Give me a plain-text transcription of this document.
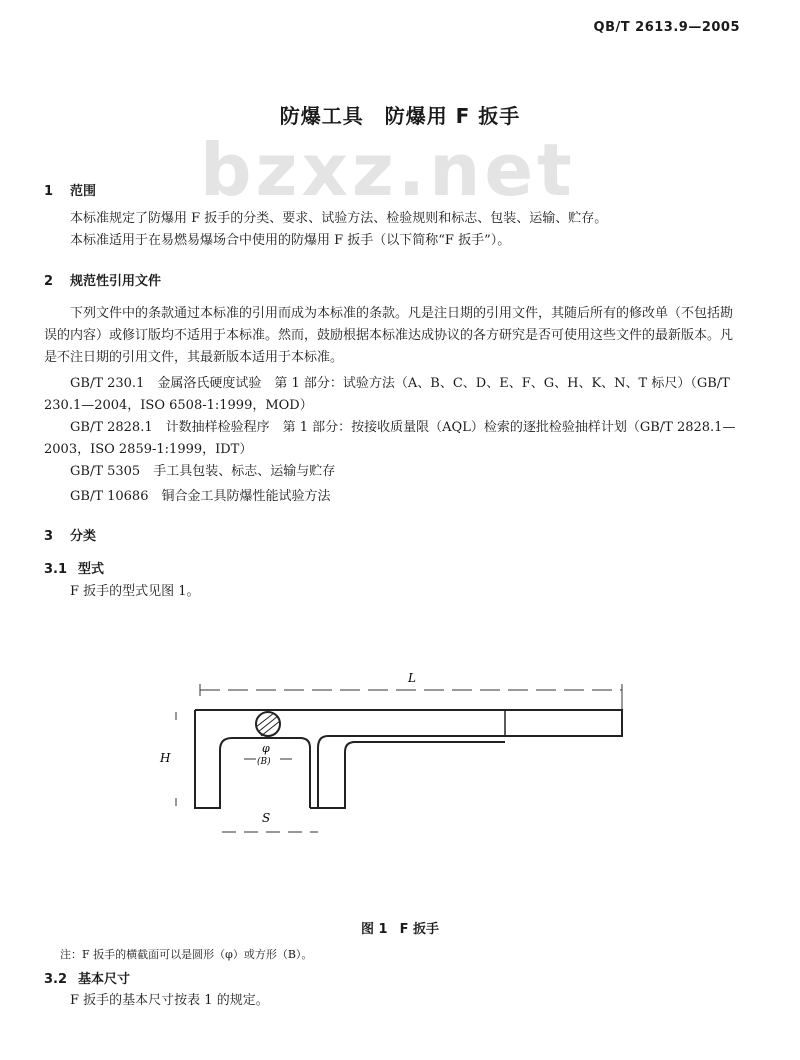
QB/T 2613.9—2005
bzxz.net
防爆工具　防爆用 F 扳手
1 范围
本标准规定了防爆用 F 扳手的分类、要求、试验方法、检验规则和标志、包装、运输、贮存。
本标准适用于在易燃易爆场合中使用的防爆用 F 扳手（以下简称“F 扳手”）。
2 规范性引用文件
下列文件中的条款通过本标准的引用而成为本标准的条款。凡是注日期的引用文件，其随后所有的修改单（不包括勘误的内容）或修订版均不适用于本标准。然而，鼓励根据本标准达成协议的各方研究是否可使用这些文件的最新版本。凡是不注日期的引用文件，其最新版本适用于本标准。
GB/T 230.1　 金属洛氏硬度试验　第 1 部分：试验方法（A、B、C、D、E、F、G、H、K、N、T 标尺）（GB/T 230.1—2004，ISO 6508-1:1999，MOD）
GB/T 2828.1　 计数抽样检验程序　第 1 部分：按接收质量限（AQL）检索的逐批检验抽样计划（GB/T 2828.1—2003，ISO 2859-1:1999，IDT）
GB/T 5305　 手工具包装、标志、运输与贮存
GB/T 10686　 铜合金工具防爆性能试验方法
3 分类
3.1 型式
F 扳手的型式见图 1。
L
φ
(B)
H
S
图 1 F 扳手
注：F 扳手的横截面可以是圆形（φ）或方形（B）。
3.2 基本尺寸
F 扳手的基本尺寸按表 1 的规定。
